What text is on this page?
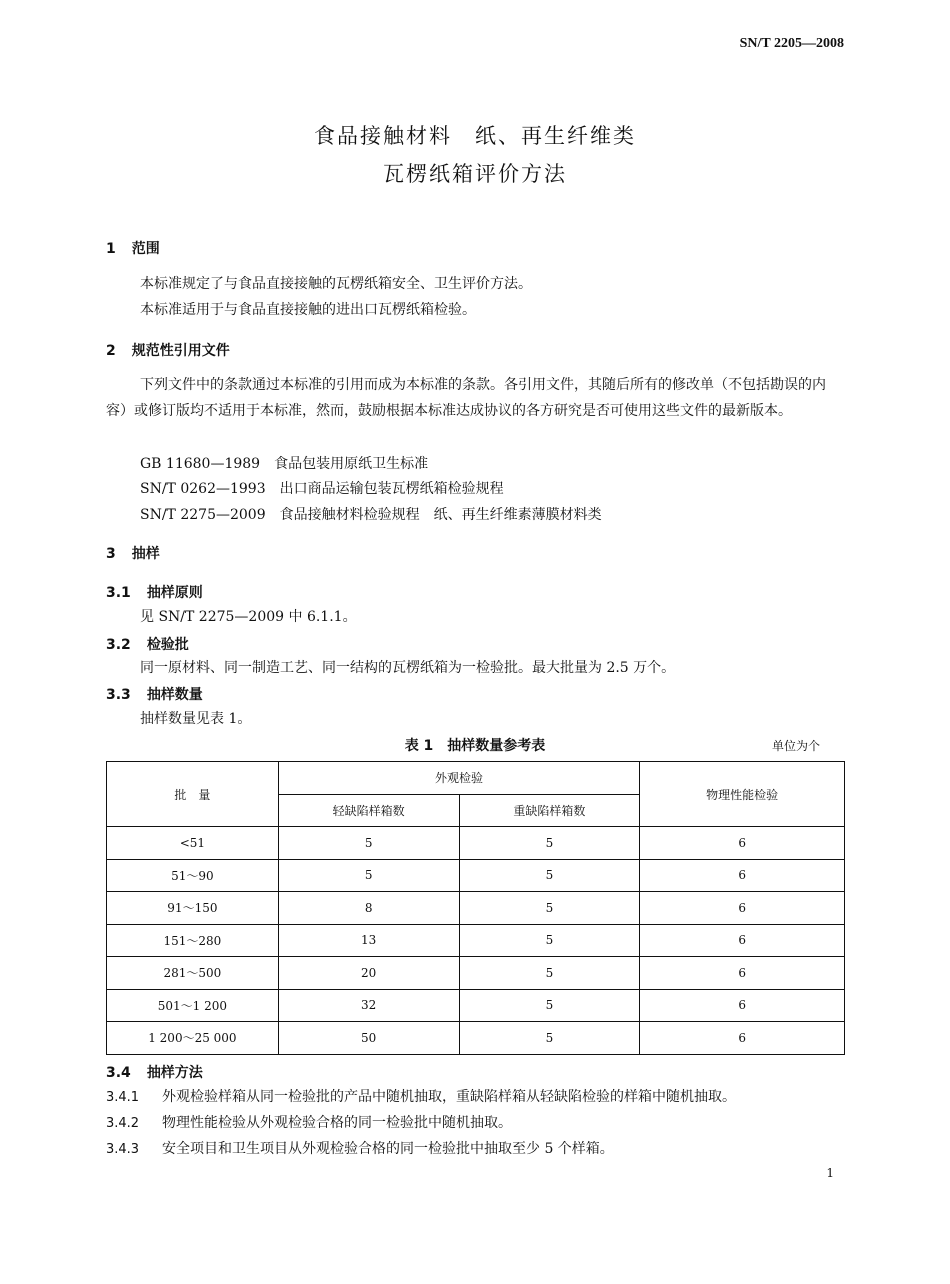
SN/T 2205—2008
食品接触材料　纸、再生纤维类
瓦楞纸箱评价方法
1 范围
本标准规定了与食品直接接触的瓦楞纸箱安全、卫生评价方法。
本标准适用于与食品直接接触的进出口瓦楞纸箱检验。
2 规范性引用文件
下列文件中的条款通过本标准的引用而成为本标准的条款。各引用文件，其随后所有的修改单（不包括勘误的内容）或修订版均不适用于本标准，然而，鼓励根据本标准达成协议的各方研究是否可使用这些文件的最新版本。
GB 11680—1989　 食品包装用原纸卫生标准
SN/T 0262—1993　 出口商品运输包装瓦楞纸箱检验规程
SN/T 2275—2009　 食品接触材料检验规程　纸、再生纤维素薄膜材料类
3 抽样
3.1 抽样原则
见 SN/T 2275—2009 中 6.1.1。
3.2 检验批
同一原材料、同一制造工艺、同一结构的瓦楞纸箱为一检验批。最大批量为 2.5 万个。
3.3 抽样数量
抽样数量见表 1。
表 1　抽样数量参考表	单位为个
批　量	外观检验		物理性能检验
	轻缺陷样箱数	重缺陷样箱数	
<51	5	5	6
51～90	5	5	6
91～150	8	5	6
151～280	13	5	6
281～500	20	5	6
501～1 200	32	5	6
1 200～25 000	50	5	6
3.4 抽样方法
3.4.1 外观检验样箱从同一检验批的产品中随机抽取，重缺陷样箱从轻缺陷检验的样箱中随机抽取。
3.4.2 物理性能检验从外观检验合格的同一检验批中随机抽取。
3.4.3 安全项目和卫生项目从外观检验合格的同一检验批中抽取至少 5 个样箱。
1
